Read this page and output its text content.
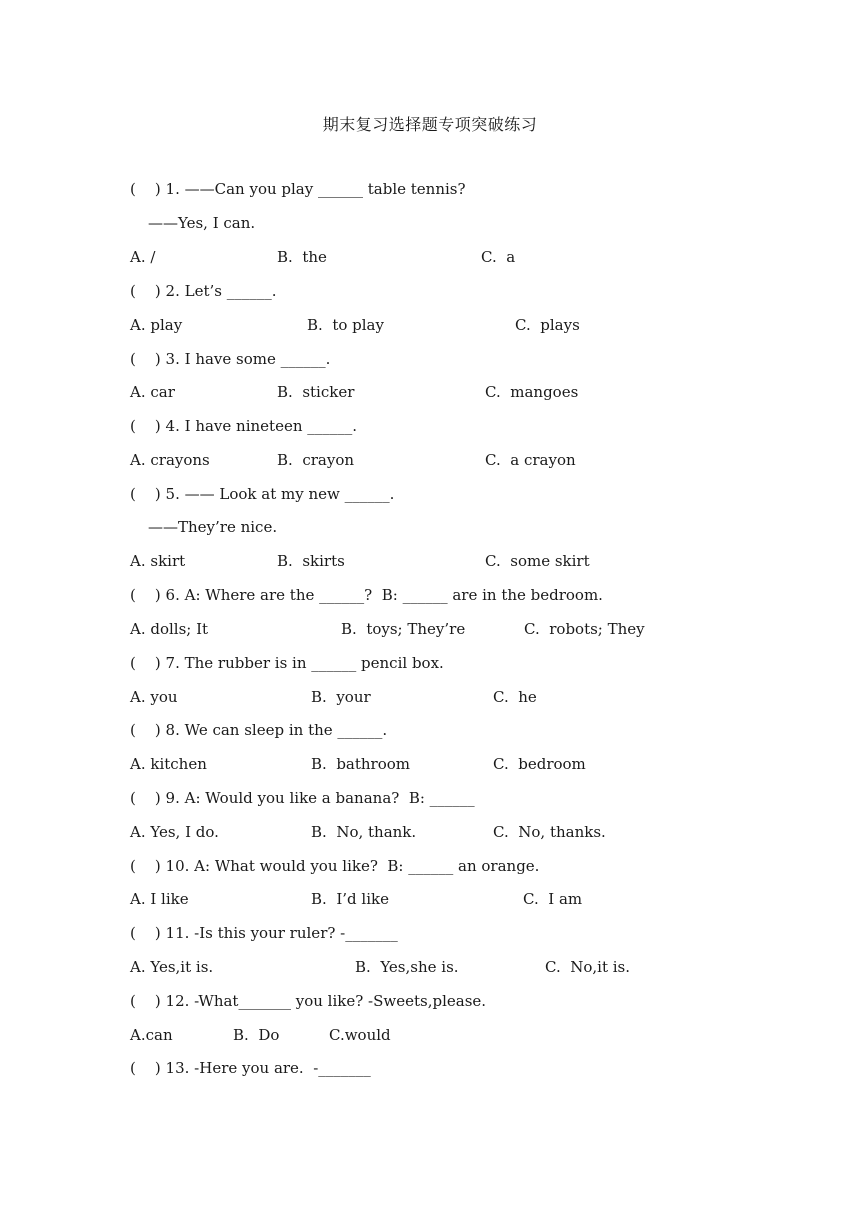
期末复习选择题专项突破练习
(    ) 1. ——Can you play ______ table tennis?
——Yes, I can.
A. /	B.  the	C.  a
(    ) 2. Let’s ______.
A. play	B.  to play	C.  plays
(    ) 3. I have some ______.
A. car	B.  sticker	C.  mangoes
(    ) 4. I have nineteen ______.
A. crayons	B.  crayon	C.  a crayon
(    ) 5. —— Look at my new ______.
——They’re nice.
A. skirt	B.  skirts	C.  some skirt
(    ) 6. A: Where are the ______?  B: ______ are in the bedroom.
A. dolls; It	B.  toys; They’re	C.  robots; They
(    ) 7. The rubber is in ______ pencil box.
A. you	B.  your	C.  he
(    ) 8. We can sleep in the ______.
A. kitchen	B.  bathroom	C.  bedroom
(    ) 9. A: Would you like a banana?  B: ______
A. Yes, I do.	B.  No, thank.	C.  No, thanks.
(    ) 10. A: What would you like?  B: ______ an orange.
A. I like	B.  I’d like	C.  I am
(    ) 11. -Is this your ruler? -_______
A. Yes,it is.	B.  Yes,she is.	C.  No,it is.
(    ) 12. -What_______ you like? -Sweets,please.
A.can	B.  Do	C.would
(    ) 13. -Here you are.  -_______
